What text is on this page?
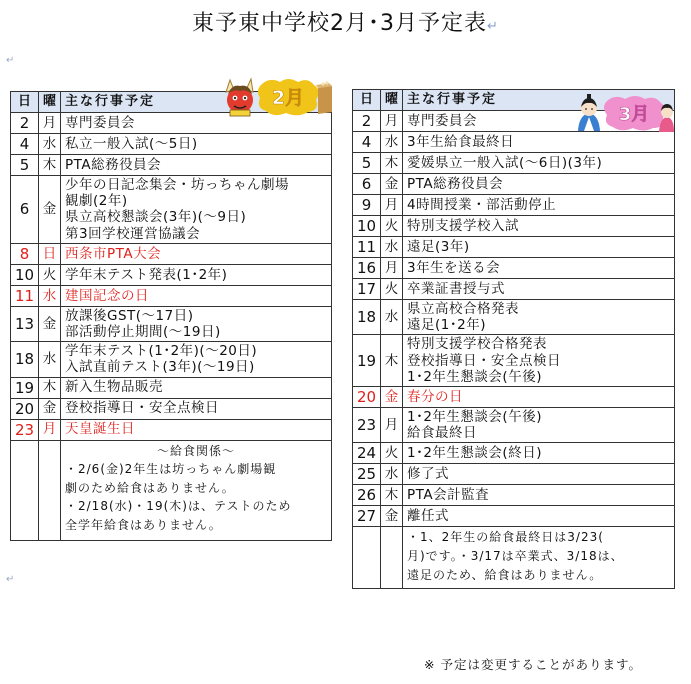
東予東中学校2月･3月予定表↵
↵
↵
日	曜	主な行事予定
2	月	専門委員会

4	水	私立一般入試(～5日)

5	木	PTA総務役員会

6	金	少年の日記念集会・坊っちゃん劇場
観劇(2年)
県立高校懇談会(3年)(～9日)
第3回学校運営協議会

8	日	西条市PTA大会

10	火	学年末テスト発表(1･2年)

11	水	建国記念の日

13	金	放課後GST(～17日)
部活動停止期間(～19日)

18	水	学年末テスト(1･2年)(～20日)
入試直前テスト(3年)(～19日)

19	木	新入生物品販売

20	金	登校指導日・安全点検日

23	月	天皇誕生日

		～給食関係～
・2/6(金)2年生は坊っちゃん劇場観
劇のため給食はありません。
・2/18(水)・19(木)は、テストのため
全学年給食はありません。
日	曜	主な行事予定
2	月	専門委員会

4	水	3年生給食最終日

5	木	愛媛県立一般入試(～6日)(3年)

6	金	PTA総務役員会

9	月	4時間授業・部活動停止

10	火	特別支援学校入試

11	水	遠足(3年)

16	月	3年生を送る会

17	火	卒業証書授与式

18	水	県立高校合格発表
遠足(1･2年)

19	木	特別支援学校合格発表
登校指導日・安全点検日
1･2年生懇談会(午後)

20	金	春分の日

23	月	1･2年生懇談会(午後)
給食最終日

24	火	1･2年生懇談会(終日)

25	水	修了式

26	木	PTA会計監査

27	金	離任式

		・1、2年生の給食最終日は3/23(
月)です。・3/17は卒業式、3/18は、
遠足のため、給食はありません。
2月
3月
※ 予定は変更することがあります。
